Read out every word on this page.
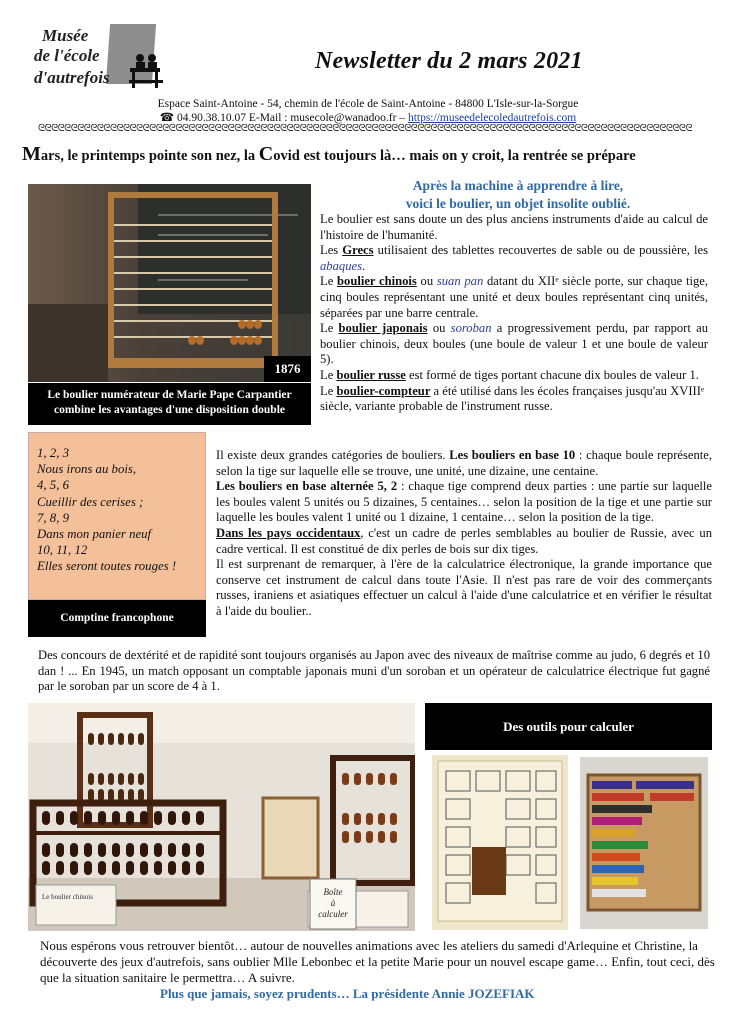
Musée
de l'école
d'autrefois
Newsletter du 2 mars 2021
Espace Saint-Antoine - 54, chemin de l'école de Saint-Antoine - 84800 L'Isle-sur-la-Sorgue
☎ 04.90.38.10.07 E-Mail : musecole@wanadoo.fr – https://museedelecoledautrefois.com
ᘓᘓᘓᘓᘓᘓᘓᘓᘓᘓᘓᘓᘓᘓᘓᘓᘓᘓᘓᘓᘓᘓᘓᘓᘓᘓᘓᘓᘓᘓᘓᘓᘓᘓᘓᘓᘓᘓᘓᘓᘓᘓᘓᘓᘓᘓᘓᘓᘓᘓᘓᘓᘓᘓᘓᘓᘓᘓᘓᘓᘓᘓᘓᘓᘓᘓᘓᘓᘓᘓᘓᘓᘓᘓᘓᘓᘓᘓᘓᘓᘓᘓᘓᘓᘓᘓᘓᘓᘓᘓᘓᘓᘓᘓᘓᘓᘓᘓᘓᘓ
Mars, le printemps pointe son nez, la Covid est toujours là… mais on y croit, la rentrée se prépare
1876
Le boulier numérateur de Marie Pape Carpantier
combine les avantages d'une disposition double
Après la machine à apprendre à lire,
voici le boulier, un objet insolite oublié.
Le boulier est sans doute un des plus anciens instruments d'aide au calcul de l'histoire de l'humanité.
Les Grecs utilisaient des tablettes recouvertes de sable ou de poussière, les abaques.
Le boulier chinois ou suan pan datant du XIIᵉ siècle porte, sur chaque tige, cinq boules représentant une unité et deux boules représentant cinq unités, séparées par une barre centrale.
Le boulier japonais ou soroban a progressivement perdu, par rapport au boulier chinois, deux boules (une boule de valeur 1 et une boule de valeur 5).
Le boulier russe est formé de tiges portant chacune dix boules de valeur 1.
Le boulier-compteur a été utilisé dans les écoles françaises jusqu'au XVIIIᵉ siècle, variante probable de l'instrument russe.
1, 2, 3
Nous irons au bois,
4, 5, 6
Cueillir des cerises ;
7, 8, 9
Dans mon panier neuf
10, 11, 12
Elles seront toutes rouges !
Comptine francophone
Il existe deux grandes catégories de bouliers. Les bouliers en base 10 : chaque boule représente, selon la tige sur laquelle elle se trouve, une unité, une dizaine, une centaine.
Les bouliers en base alternée 5, 2 : chaque tige comprend deux parties : une partie sur laquelle les boules valent 5 unités ou 5 dizaines, 5 centaines… selon la position de la tige et une partie sur laquelle les boules valent 1 unité ou 1 dizaine, 1 centaine… selon la position de la tige.
Dans les pays occidentaux, c'est un cadre de perles semblables au boulier de Russie, avec un cadre vertical. Il est constitué de dix perles de bois sur dix tiges.
Il est surprenant de remarquer, à l'ère de la calculatrice électronique, la grande importance que conserve cet instrument de calcul dans toute l'Asie. Il n'est pas rare de voir des commerçants russes, iraniens et asiatiques effectuer un calcul à l'aide d'une calculatrice et en vérifier le résultat à l'aide du boulier..
Des concours de dextérité et de rapidité sont toujours organisés au Japon avec des niveaux de maîtrise comme au judo, 6 degrés et 10 dan ! ... En 1945, un match opposant un comptable japonais muni d'un soroban et un opérateur de calculatrice électrique fut gagné par le soroban par un score de 4 à 1.
Boîte
à
calculer
Le boulier chinois
Des outils pour calculer
Nous espérons vous retrouver bientôt… autour de nouvelles animations avec les ateliers du samedi d'Arlequine et Christine, la découverte des jeux d'autrefois, sans oublier Mlle Lebonbec et la petite Marie pour un nouvel escape game… Enfin, tout ceci, dès que la situation sanitaire le permettra… A suivre.
Plus que jamais, soyez prudents… La présidente Annie JOZEFIAK
